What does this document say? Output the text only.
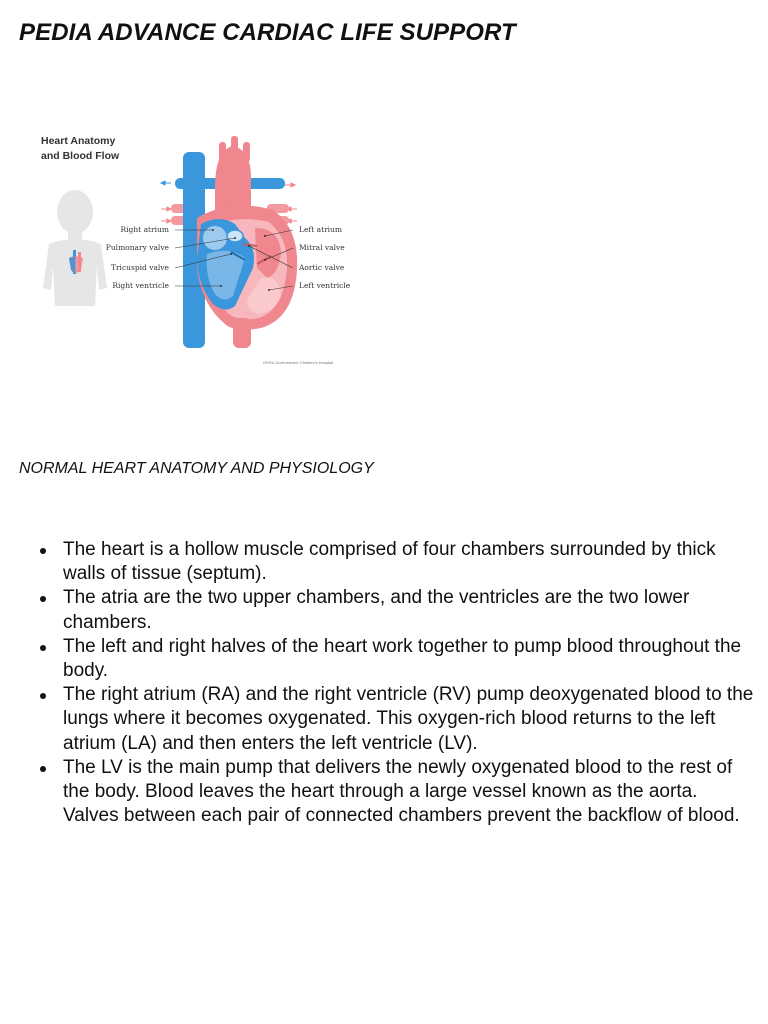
PEDIA ADVANCE CARDIAC LIFE SUPPORT
Heart Anatomy
and Blood Flow
Right atrium
Pulmonary valve
Tricuspid valve
Right ventricle
Left atrium
Mitral valve
Aortic valve
Left ventricle
OHSU Doernbecher Children's Hospital
NORMAL HEART ANATOMY AND PHYSIOLOGY
The heart is a hollow muscle comprised of four chambers surrounded by thick walls of tissue (septum).
The atria are the two upper chambers, and the ventricles are the two lower chambers.
The left and right halves of the heart work together to pump blood throughout the body.
The right atrium (RA) and the right ventricle (RV) pump deoxygenated blood to the lungs where it becomes oxygenated. This oxygen-rich blood returns to the left atrium (LA) and then enters the left ventricle (LV).
The LV is the main pump that delivers the newly oxygenated blood to the rest of the body. Blood leaves the heart through a large vessel known as the aorta. Valves between each pair of connected chambers prevent the backflow of blood.
